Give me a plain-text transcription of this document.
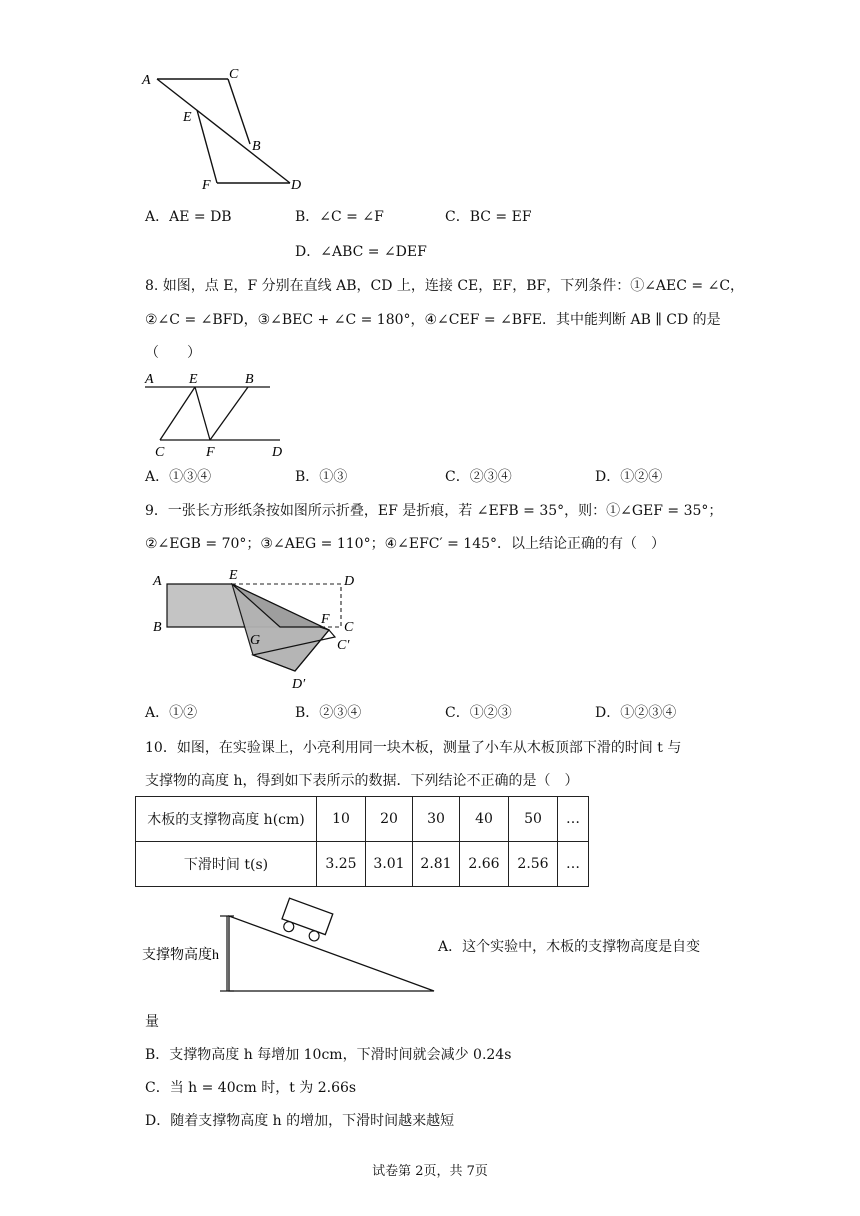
A	C
E
B
F	D
A．AE = DB	B．∠C = ∠F	C．BC = EF
D．∠ABC = ∠DEF
8. 如图，点 E，F 分别在直线 AB，CD 上，连接 CE，EF，BF，下列条件：①∠AEC = ∠C，
②∠C = ∠BFD，③∠BEC + ∠C = 180°，④∠CEF = ∠BFE．其中能判断 AB ∥ CD 的是
（　　）
A	E	B
C	F	D
A．①③④	B．①③	C．②③④	D．①②④
9．一张长方形纸条按如图所示折叠，EF 是折痕，若 ∠EFB = 35°，则：①∠GEF = 35°；
②∠EGB = 70°；③∠AEG = 110°；④∠EFC′ = 145°．以上结论正确的有（　）
A	E	D
B
F
C
G	C′
D′
A．①②	B．②③④	C．①②③	D．①②③④
10．如图，在实验课上，小亮利用同一块木板，测量了小车从木板顶部下滑的时间 t 与
支撑物的高度 h，得到如下表所示的数据．下列结论不正确的是（　）
木板的支撑物高度 h(cm)	10	20	30	40	50	…
下滑时间 t(s)	3.25	3.01	2.81	2.66	2.56	…
支撑物高度h
A．这个实验中，木板的支撑物高度是自变
量
B．支撑物高度 h 每增加 10cm，下滑时间就会减少 0.24s
C．当 h = 40cm 时，t 为 2.66s
D．随着支撑物高度 h 的增加，下滑时间越来越短
试卷第 2页，共 7页
